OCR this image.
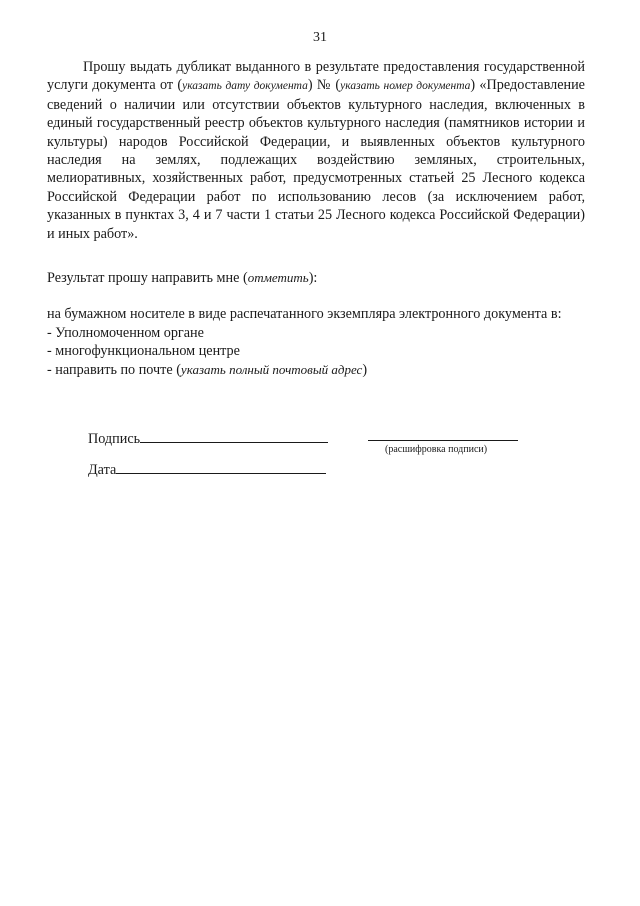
31
Прошу выдать дубликат выданного в результате предоставления государственной услуги документа от (указать дату документа) № (указать номер документа) «Предоставление сведений о наличии или отсутствии объектов культурного наследия, включенных в единый государственный реестр объектов культурного наследия (памятников истории и культуры) народов Российской Федерации, и выявленных объектов культурного наследия на землях, подлежащих воздействию земляных, строительных, мелиоративных, хозяйственных работ, предусмотренных статьей 25 Лесного кодекса Российской Федерации работ по использованию лесов (за исключением работ, указанных в пунктах 3, 4 и 7 части 1 статьи 25 Лесного кодекса Российской Федерации) и иных работ».
Результат прошу направить мне (отметить):
на бумажном носителе в виде распечатанного экземпляра электронного документа в:
- Уполномоченном органе
- многофункциональном центре
- направить по почте (указать полный почтовый адрес)
Подпись
(расшифровка подписи)
Дата
